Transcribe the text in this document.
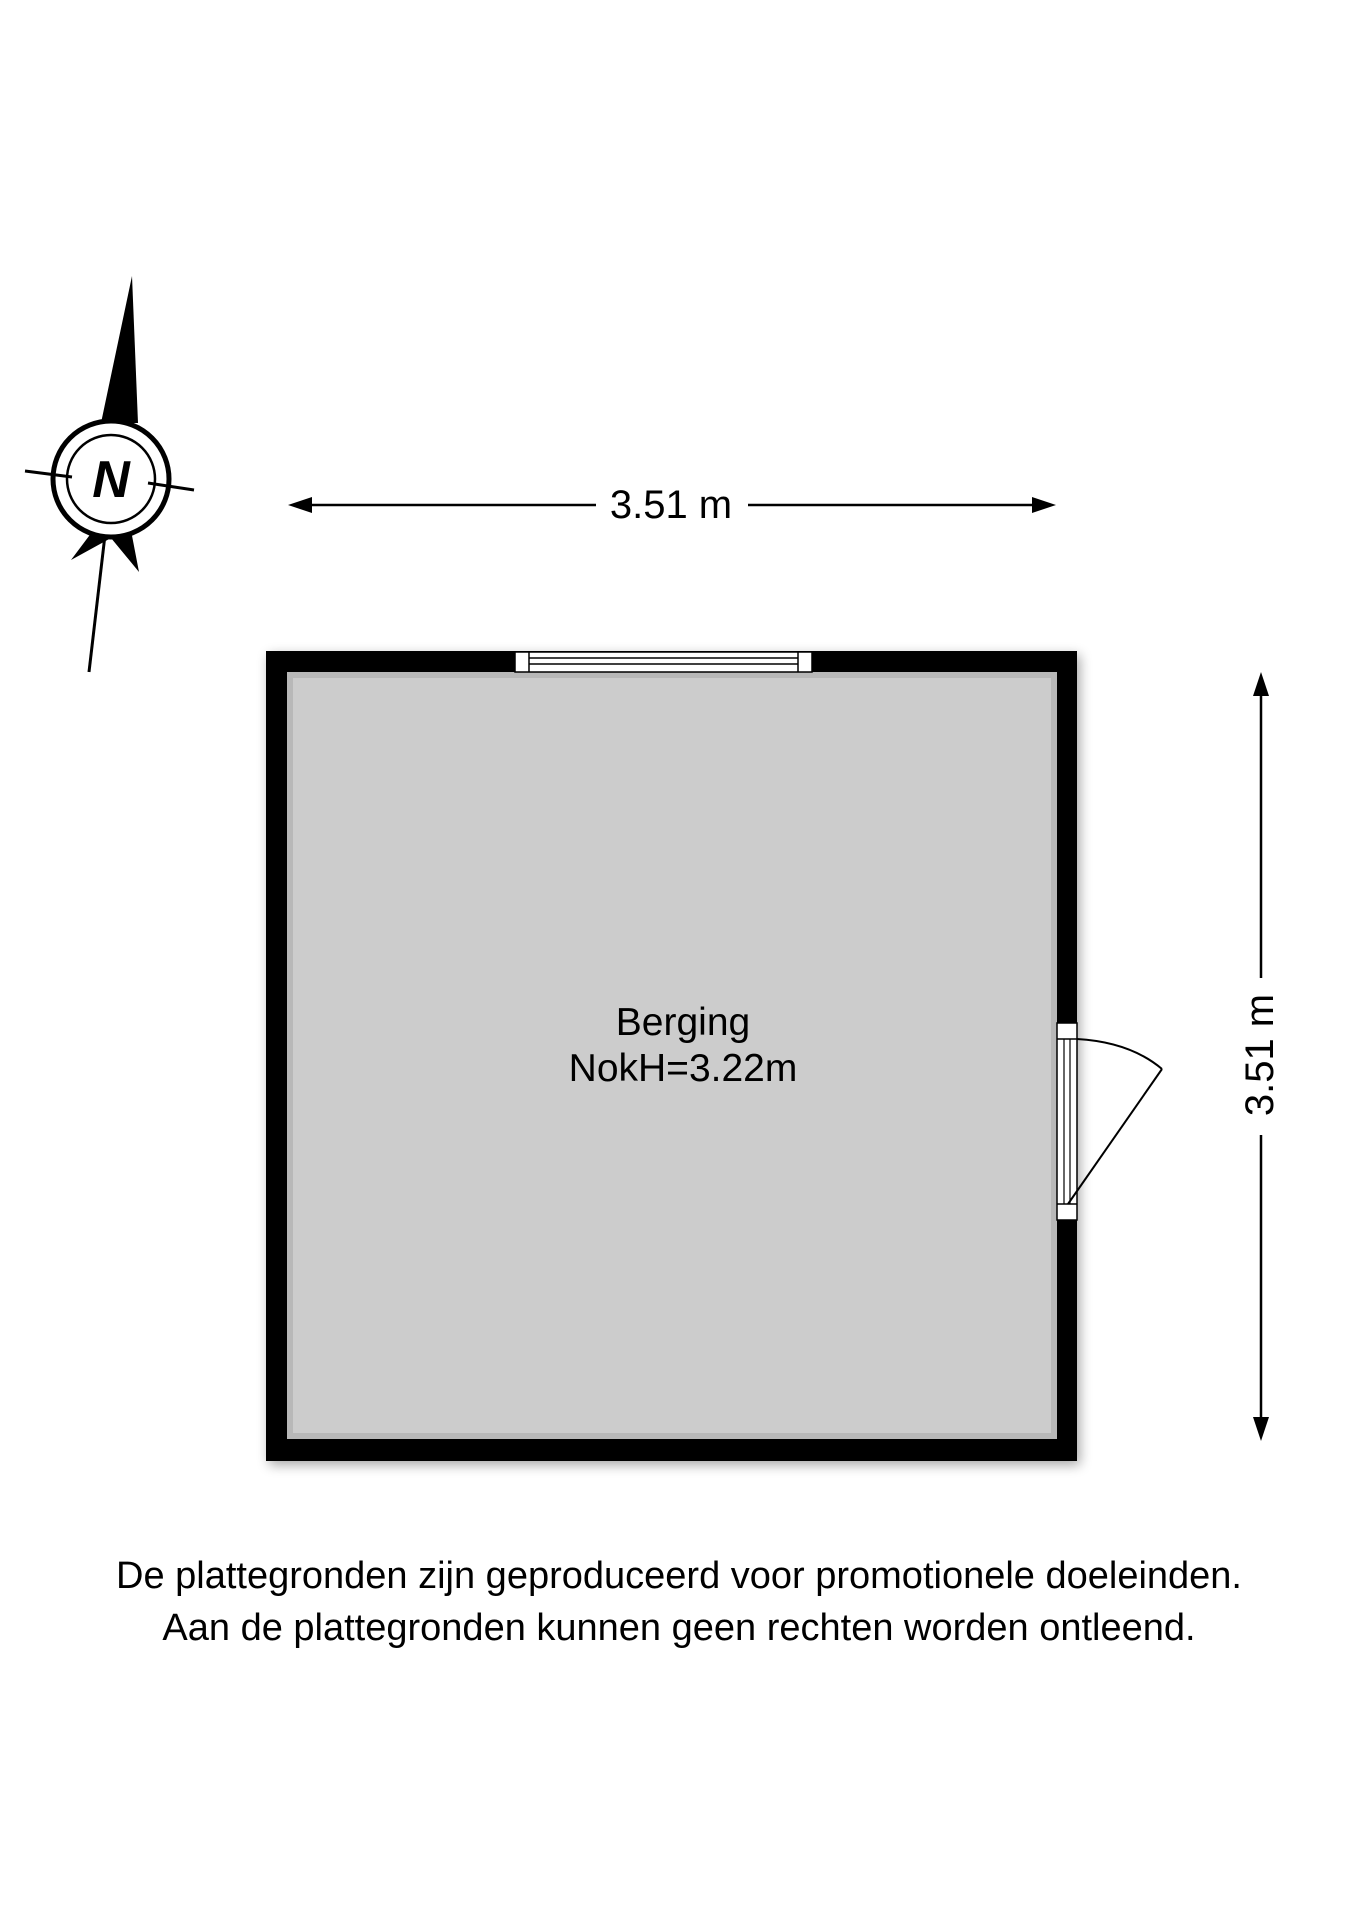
N	3.51 m
3.51 m
Berging
NokH=3.22m
De plattegronden zijn geproduceerd voor promotionele doeleinden.
Aan de plattegronden kunnen geen rechten worden ontleend.
